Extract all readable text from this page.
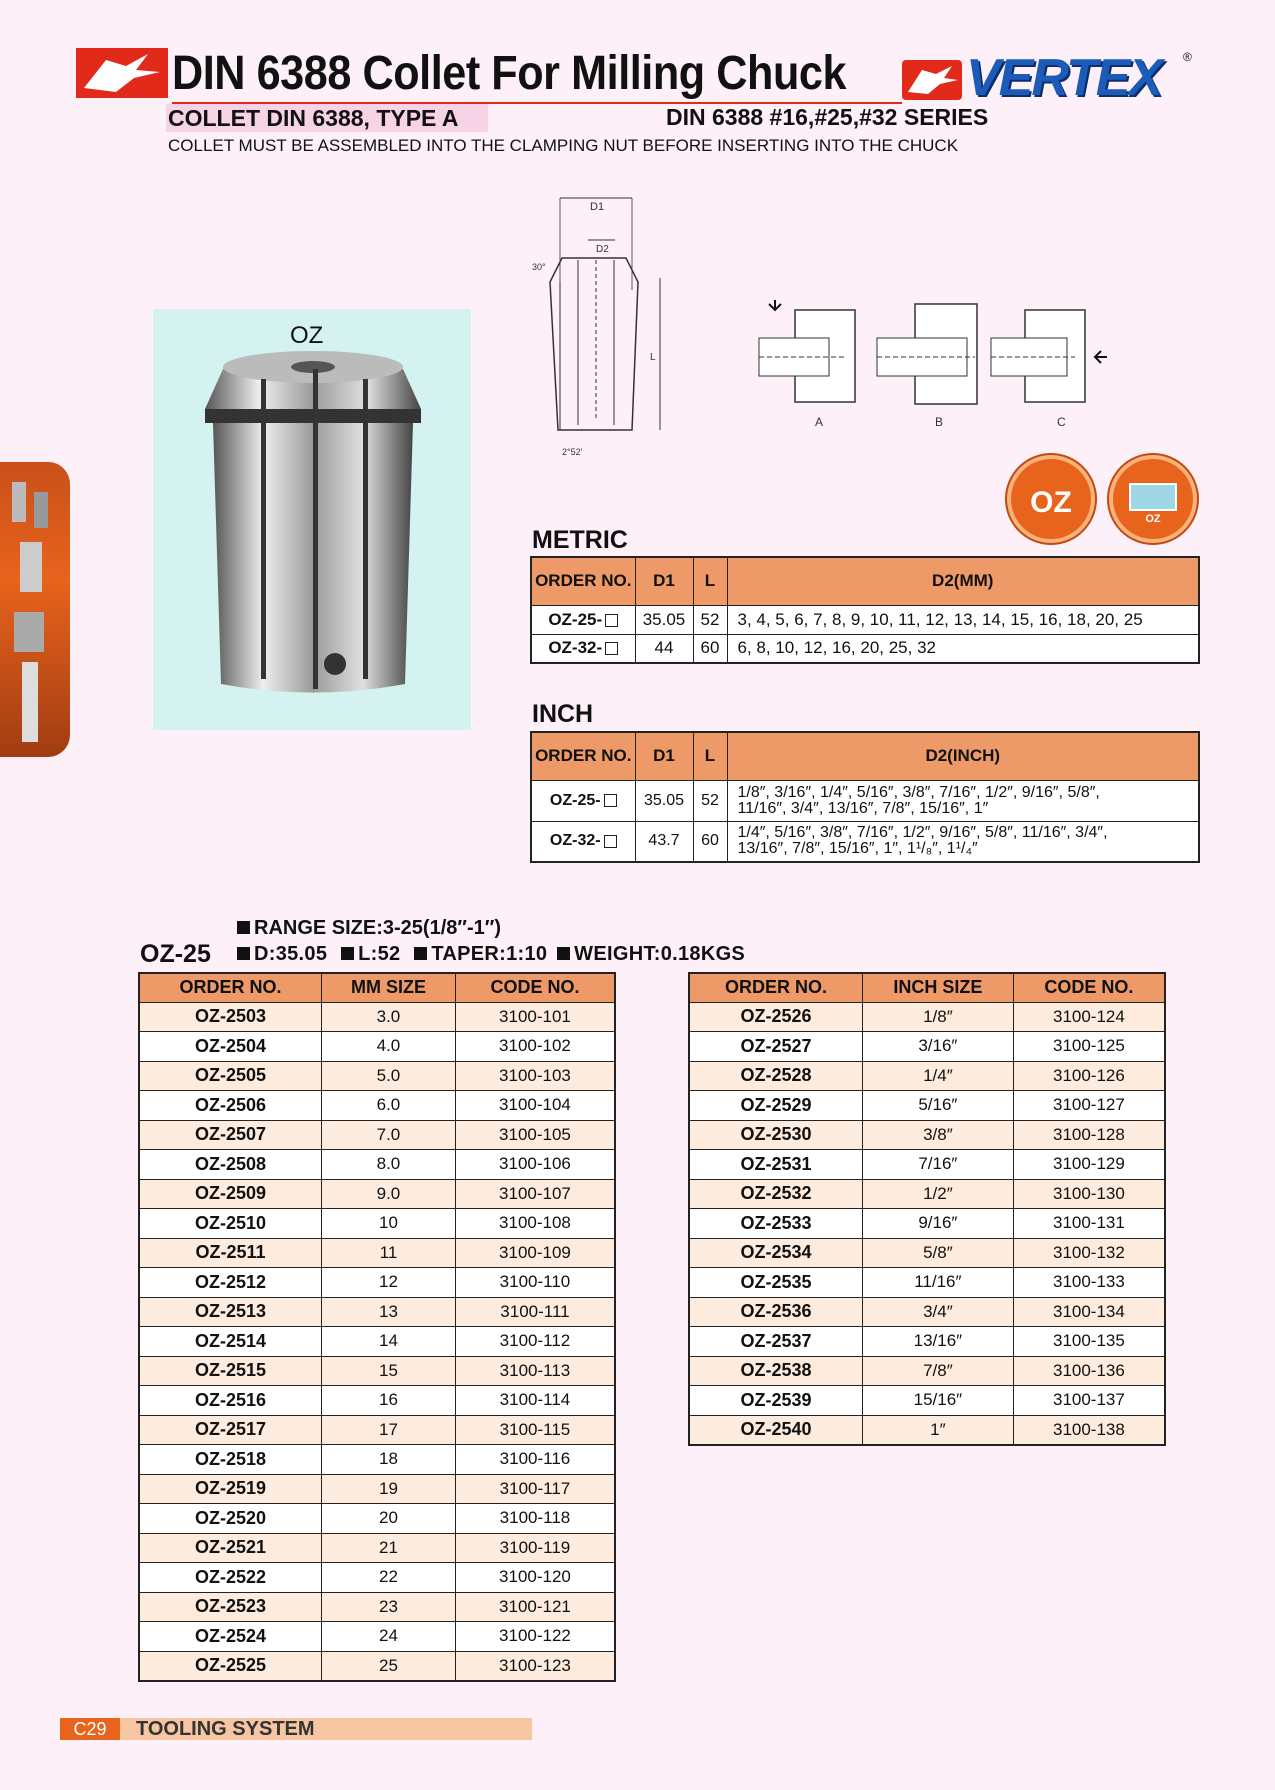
DIN 6388 Collet For Milling Chuck VERTEX ®
COLLET DIN 6388, TYPE A	DIN 6388 #16,#25,#32 SERIES
COLLET MUST BE ASSEMBLED INTO THE CLAMPING NUT BEFORE INSERTING INTO THE CHUCK
OZ
D1
D2
30°
L
2°52'
A	B	C
OZ	OZ
METRIC
ORDER NO.	D1	L	D2(MM)
OZ-25-	35.05	52	3, 4, 5, 6, 7, 8, 9, 10, 11, 12, 13, 14, 15, 16, 18, 20, 25
OZ-32-	44	60	6, 8, 10, 12, 16, 20, 25, 32
INCH
ORDER NO.	D1	L	D2(INCH)
OZ-25-	35.05	52	1/8″, 3/16″, 1/4″, 5/16″, 3/8″, 7/16″, 1/2″, 9/16″, 5/8″,
11/16″, 3/4″, 13/16″, 7/8″, 15/16″, 1″

OZ-32-	43.7	60	1/4″, 5/16″, 3/8″, 7/16″, 1/2″, 9/16″, 5/8″, 11/16″, 3/4″,
13/16″, 7/8″, 15/16″, 1″, 1¹/₈″, 1¹/₄″
RANGE SIZE:3-25(1/8″-1″)
OZ-25	D:35.05 L:52 TAPER:1:10 WEIGHT:0.18KGS
ORDER NO.	MM SIZE	CODE NO.
OZ-2503	3.0	3100-101
OZ-2504	4.0	3100-102
OZ-2505	5.0	3100-103
OZ-2506	6.0	3100-104
OZ-2507	7.0	3100-105
OZ-2508	8.0	3100-106
OZ-2509	9.0	3100-107
OZ-2510	10	3100-108
OZ-2511	11	3100-109
OZ-2512	12	3100-110
OZ-2513	13	3100-111
OZ-2514	14	3100-112
OZ-2515	15	3100-113
OZ-2516	16	3100-114
OZ-2517	17	3100-115
OZ-2518	18	3100-116
OZ-2519	19	3100-117
OZ-2520	20	3100-118
OZ-2521	21	3100-119
OZ-2522	22	3100-120
OZ-2523	23	3100-121
OZ-2524	24	3100-122
OZ-2525	25	3100-123
ORDER NO.	INCH SIZE	CODE NO.
OZ-2526	1/8″	3100-124
OZ-2527	3/16″	3100-125
OZ-2528	1/4″	3100-126
OZ-2529	5/16″	3100-127
OZ-2530	3/8″	3100-128
OZ-2531	7/16″	3100-129
OZ-2532	1/2″	3100-130
OZ-2533	9/16″	3100-131
OZ-2534	5/8″	3100-132
OZ-2535	11/16″	3100-133
OZ-2536	3/4″	3100-134
OZ-2537	13/16″	3100-135
OZ-2538	7/8″	3100-136
OZ-2539	15/16″	3100-137
OZ-2540	1″	3100-138
C29	TOOLING SYSTEM
